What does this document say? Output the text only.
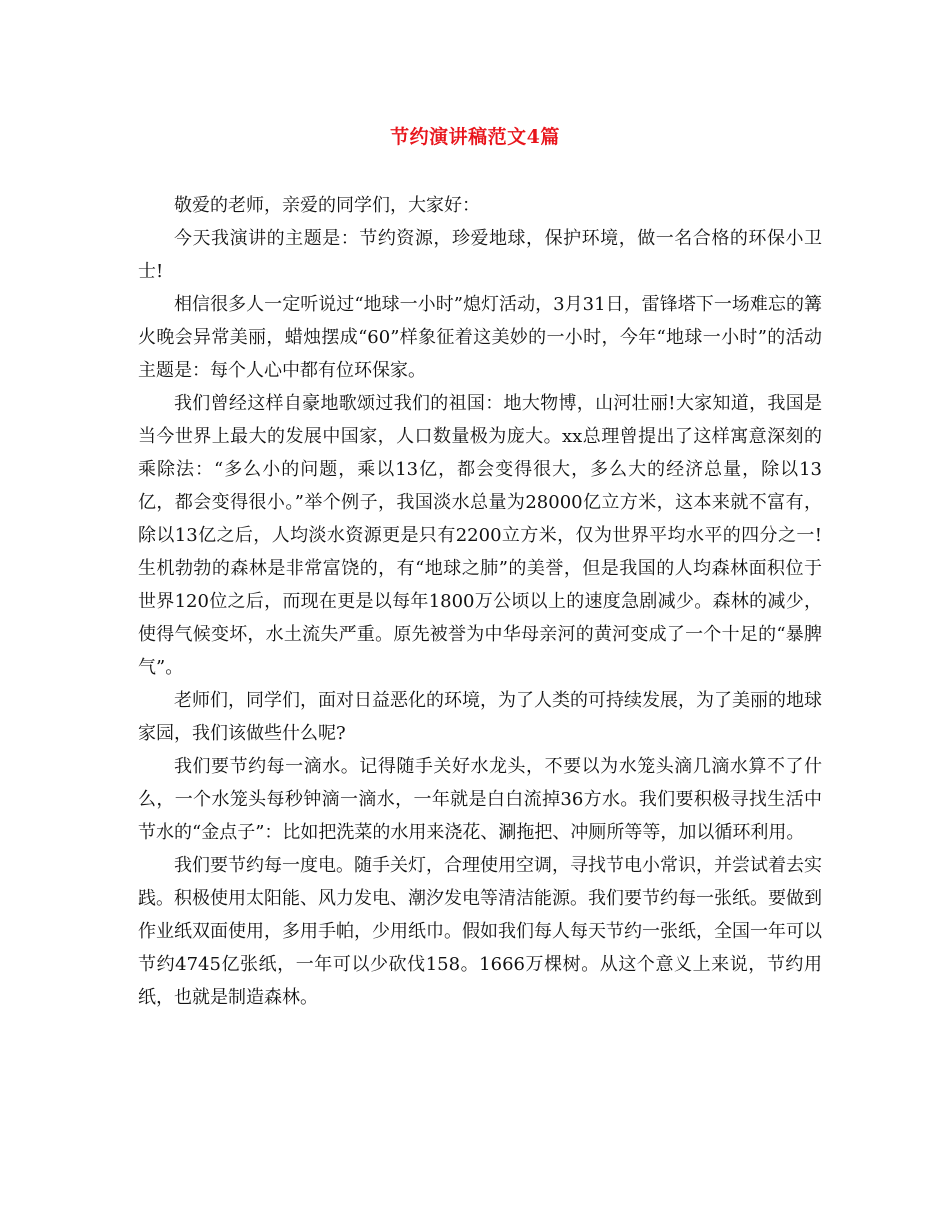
节约演讲稿范文4篇

敬爱的老师，亲爱的同学们，大家好：

今天我演讲的主题是：节约资源，珍爱地球，保护环境，做一名合格的环保小卫士!

相信很多人一定听说过“地球一小时”熄灯活动，3月31日，雷锋塔下一场难忘的篝火晚会异常美丽，蜡烛摆成“60”样象征着这美妙的一小时，今年“地球一小时”的活动主题是：每个人心中都有位环保家。

我们曾经这样自豪地歌颂过我们的祖国：地大物博，山河壮丽!大家知道，我国是当今世界上最大的发展中国家，人口数量极为庞大。xx总理曾提出了这样寓意深刻的乘除法：“多么小的问题，乘以13亿，都会变得很大，多么大的经济总量，除以13亿，都会变得很小。”举个例子，我国淡水总量为28000亿立方米，这本来就不富有，除以13亿之后，人均淡水资源更是只有2200立方米，仅为世界平均水平的四分之一!生机勃勃的森林是非常富饶的，有“地球之肺”的美誉，但是我国的人均森林面积位于世界120位之后，而现在更是以每年1800万公顷以上的速度急剧减少。森林的减少，使得气候变坏，水土流失严重。原先被誉为中华母亲河的黄河变成了一个十足的“暴脾气”。

老师们，同学们，面对日益恶化的环境，为了人类的可持续发展，为了美丽的地球家园，我们该做些什么呢?

我们要节约每一滴水。记得随手关好水龙头，不要以为水笼头滴几滴水算不了什么，一个水笼头每秒钟滴一滴水，一年就是白白流掉36方水。我们要积极寻找生活中节水的“金点子”：比如把洗菜的水用来浇花、涮拖把、冲厕所等等，加以循环利用。

我们要节约每一度电。随手关灯，合理使用空调，寻找节电小常识，并尝试着去实践。积极使用太阳能、风力发电、潮汐发电等清洁能源。我们要节约每一张纸。要做到作业纸双面使用，多用手帕，少用纸巾。假如我们每人每天节约一张纸，全国一年可以节约4745亿张纸，一年可以少砍伐158。1666万棵树。从这个意义上来说，节约用纸，也就是制造森林。
